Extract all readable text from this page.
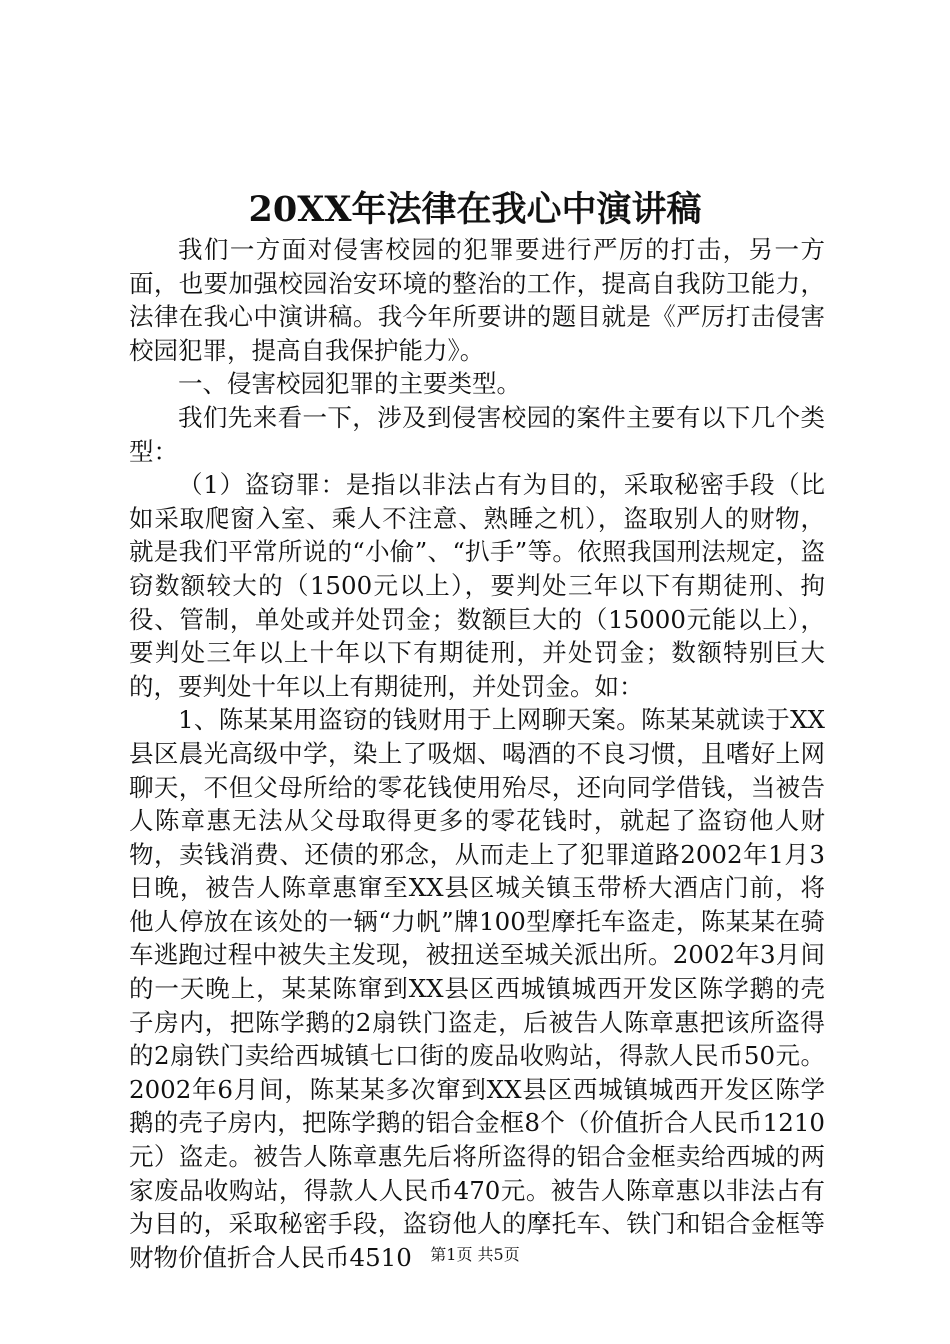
20XX年法律在我心中演讲稿

我们一方面对侵害校园的犯罪要进行严厉的打击，另一方面，也要加强校园治安环境的整治的工作，提高自我防卫能力，法律在我心中演讲稿。我今年所要讲的题目就是《严厉打击侵害校园犯罪，提高自我保护能力》。

一、侵害校园犯罪的主要类型。

我们先来看一下，涉及到侵害校园的案件主要有以下几个类型：

（1）盗窃罪：是指以非法占有为目的，采取秘密手段（比如采取爬窗入室、乘人不注意、熟睡之机），盗取别人的财物，就是我们平常所说的“小偷”、“扒手”等。依照我国刑法规定，盗窃数额较大的（1500元以上），要判处三年以下有期徒刑、拘役、管制，单处或并处罚金；数额巨大的（15000元能以上），要判处三年以上十年以下有期徒刑，并处罚金；数额特别巨大的，要判处十年以上有期徒刑，并处罚金。如：

1、陈某某用盗窃的钱财用于上网聊天案。陈某某就读于XX县区晨光高级中学，染上了吸烟、喝酒的不良习惯，且嗜好上网聊天，不但父母所给的零花钱使用殆尽，还向同学借钱，当被告人陈章惠无法从父母取得更多的零花钱时，就起了盗窃他人财物，卖钱消费、还债的邪念，从而走上了犯罪道路2002年1月3日晚，被告人陈章惠窜至XX县区城关镇玉带桥大酒店门前，将他人停放在该处的一辆“力帆”牌100型摩托车盗走，陈某某在骑车逃跑过程中被失主发现，被扭送至城关派出所。2002年3月间的一天晚上，某某陈窜到XX县区西城镇城西开发区陈学鹅的壳子房内，把陈学鹅的2扇铁门盗走，后被告人陈章惠把该所盗得的2扇铁门卖给西城镇七口街的废品收购站，得款人民币50元。2002年6月间，陈某某多次窜到XX县区西城镇城西开发区陈学鹅的壳子房内，把陈学鹅的铝合金框8个（价值折合人民币1210元）盗走。被告人陈章惠先后将所盗得的铝合金框卖给西城的两家废品收购站，得款人人民币470元。被告人陈章惠以非法占有为目的，采取秘密手段，盗窃他人的摩托车、铁门和铝合金框等财物价值折合人民币4510	第1页 共5页
